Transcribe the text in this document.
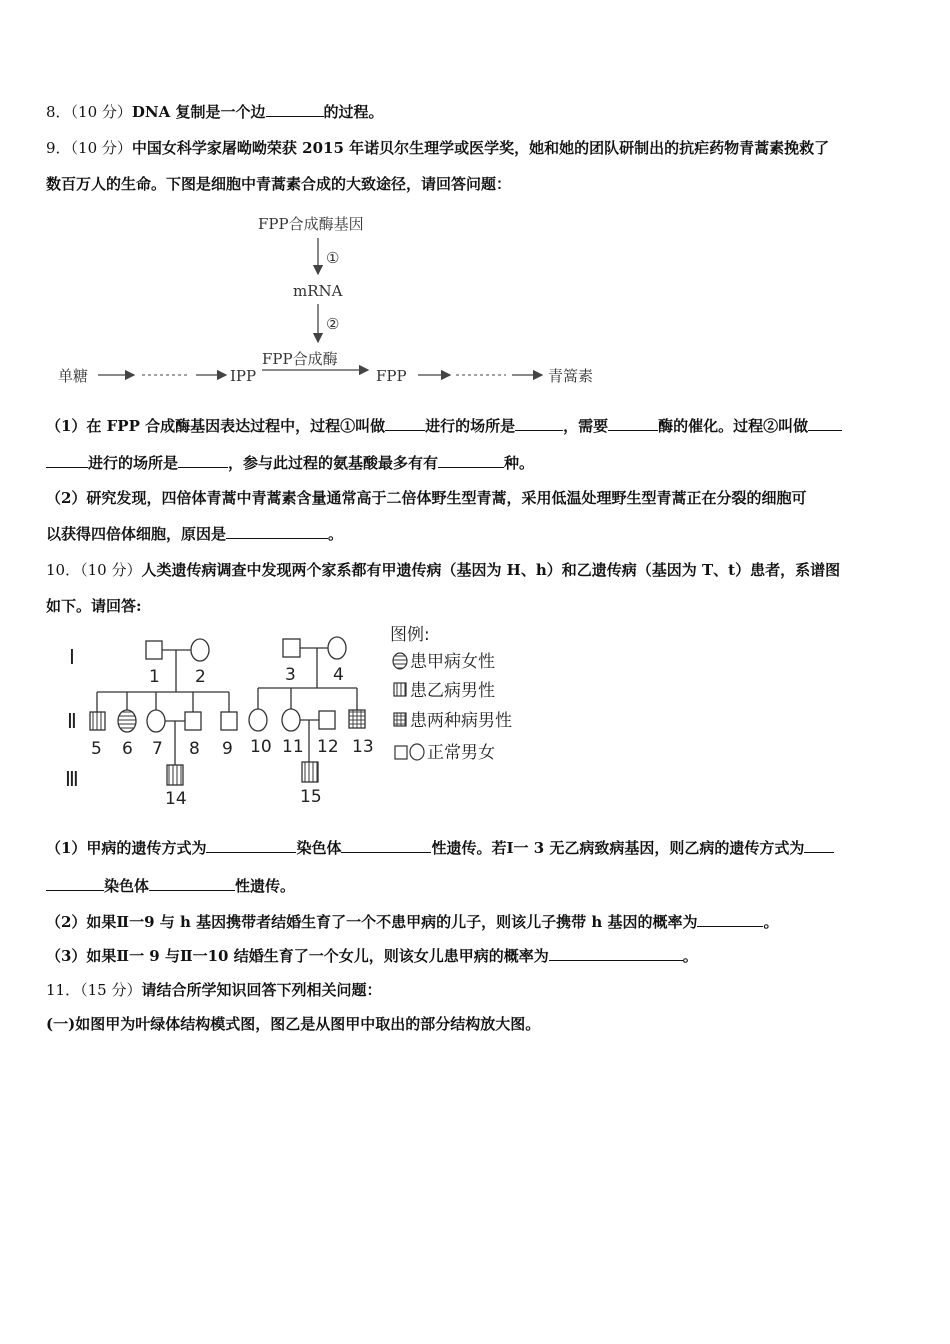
8．（10 分）DNA 复制是一个边	的过程。
9．（10 分）中国女科学家屠呦呦荣获 2015 年诺贝尔生理学或医学奖，她和她的团队研制出的抗疟药物青蒿素挽救了
数百万人的生命。下图是细胞中青蒿素合成的大致途径，请回答问题：
FPP合成酶基因
①
mRNA
②
FPP合成酶
单糖	IPP	FPP	青篙素
（1）在 FPP 合成酶基因表达过程中，过程①叫做	进行的场所是	，需要	酶的催化。过程②叫做
进行的场所是	，参与此过程的氨基酸最多有有	种。
（2）研究发现，四倍体青蒿中青蒿素含量通常高于二倍体野生型青蒿，采用低温处理野生型青蒿正在分裂的细胞可
以获得四倍体细胞，原因是	。
10．（10 分）人类遗传病调查中发现两个家系都有甲遗传病（基因为 H、h）和乙遗传病（基因为 T、t）患者，系谱图
如下。请回答:
Ⅰ
Ⅱ
Ⅲ
1 2	3 4
5 6 7 8 9 10 11 12 13
14	15
图例:
患甲病女性
患乙病男性
患两种病男性
正常男女
（1）甲病的遗传方式为	染色体	性遗传。若Ⅰ一 3 无乙病致病基因，则乙病的遗传方式为
染色体	性遗传。
（2）如果Ⅱ一9 与 h 基因携带者结婚生育了一个不患甲病的儿子，则该儿子携带 h 基因的概率为	。
（3）如果Ⅱ一 9 与Ⅱ一10 结婚生育了一个女儿，则该女儿患甲病的概率为	。
11．（15 分）请结合所学知识回答下列相关问题：
(一)如图甲为叶绿体结构模式图，图乙是从图甲中取出的部分结构放大图。
